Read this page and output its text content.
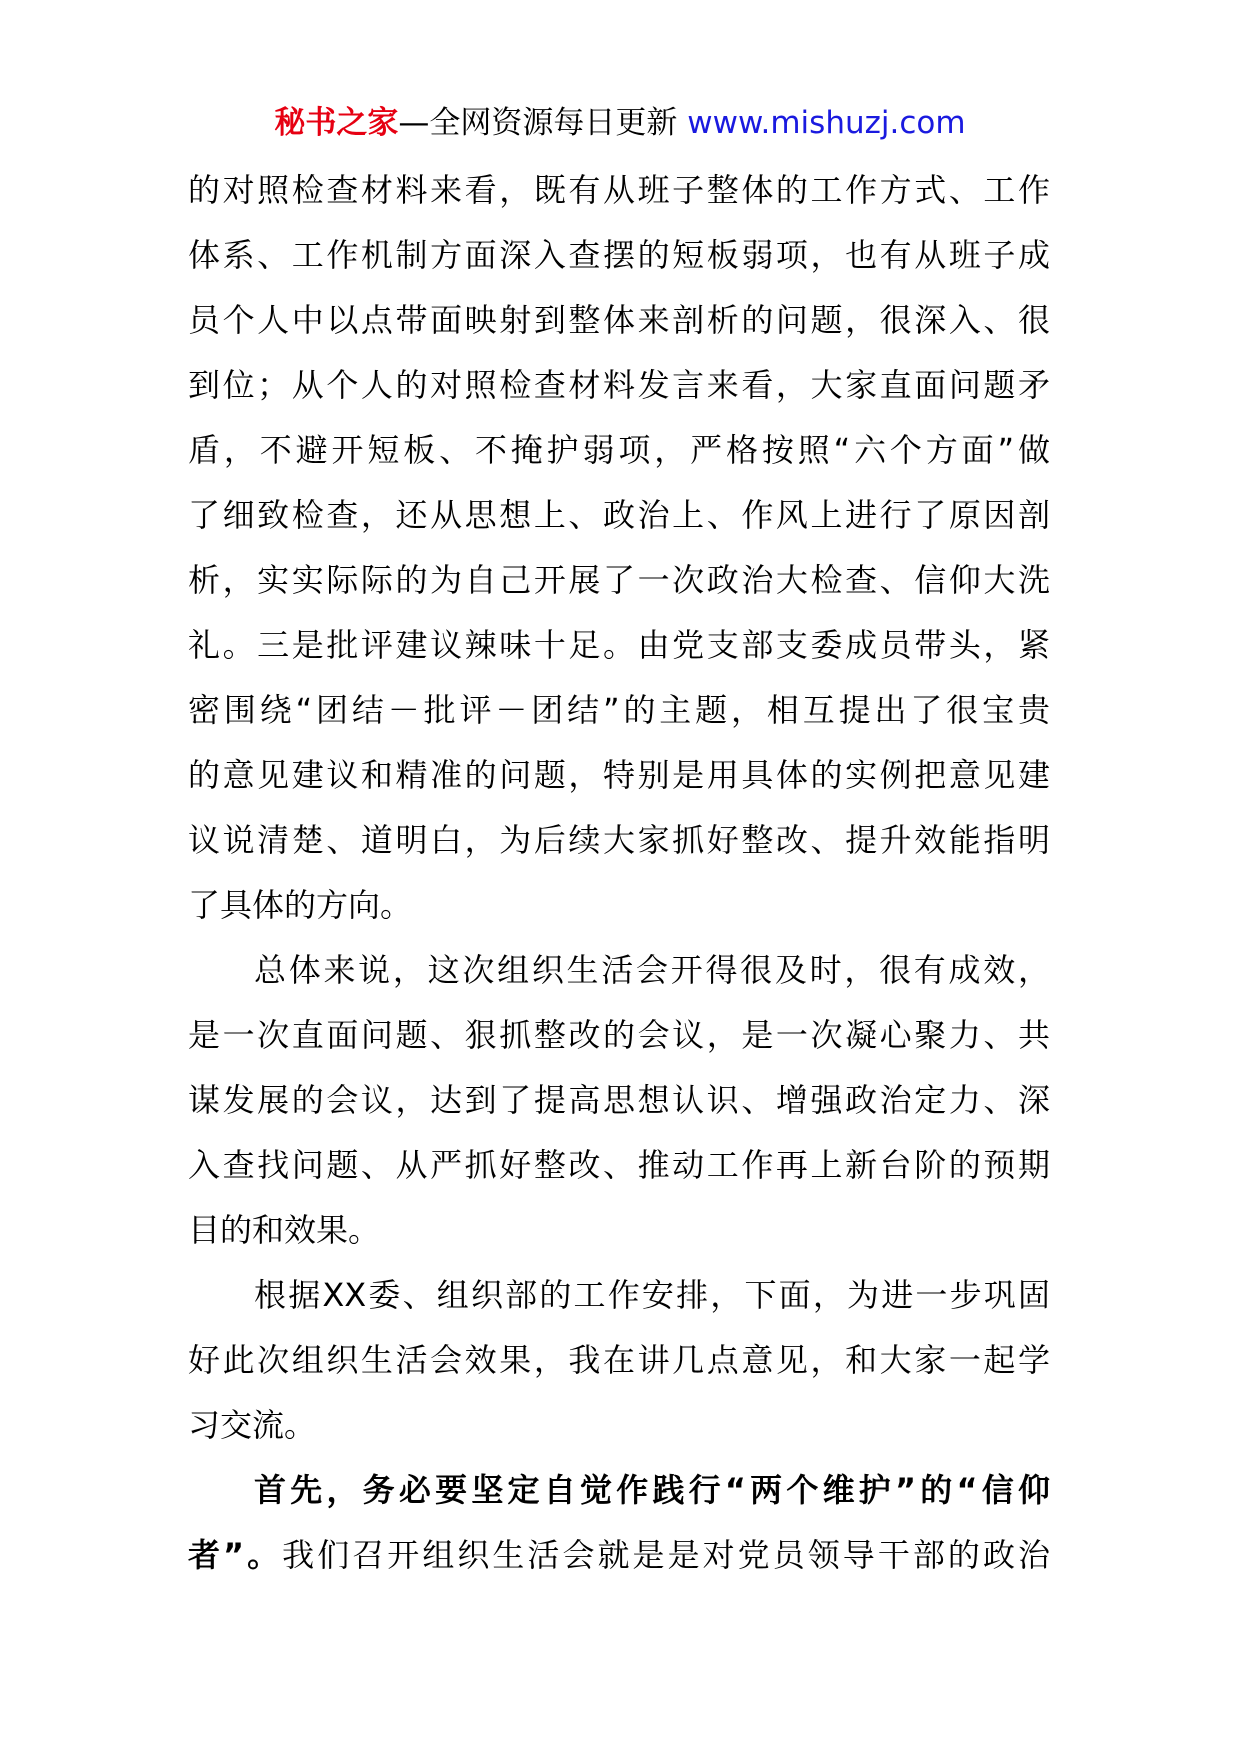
秘书之家—全网资源每日更新 www.mishuzj.com
的对照检查材料来看，既有从班子整体的工作方式、工作
体系、工作机制方面深入查摆的短板弱项，也有从班子成
员个人中以点带面映射到整体来剖析的问题，很深入、很
到位；从个人的对照检查材料发言来看，大家直面问题矛
盾，不避开短板、不掩护弱项，严格按照“六个方面”做
了细致检查，还从思想上、政治上、作风上进行了原因剖
析，实实际际的为自己开展了一次政治大检查、信仰大洗
礼。三是批评建议辣味十足。由党支部支委成员带头，紧
密围绕“团结－批评－团结”的主题，相互提出了很宝贵
的意见建议和精准的问题，特别是用具体的实例把意见建
议说清楚、道明白，为后续大家抓好整改、提升效能指明
了具体的方向。
总体来说，这次组织生活会开得很及时，很有成效，
是一次直面问题、狠抓整改的会议，是一次凝心聚力、共
谋发展的会议，达到了提高思想认识、增强政治定力、深
入查找问题、从严抓好整改、推动工作再上新台阶的预期
目的和效果。
根据XX委、组织部的工作安排，下面，为进一步巩固
好此次组织生活会效果，我在讲几点意见，和大家一起学
习交流。
首先，务必要坚定自觉作践行“两个维护”的“信仰
者”。我们召开组织生活会就是是对党员领导干部的政治
